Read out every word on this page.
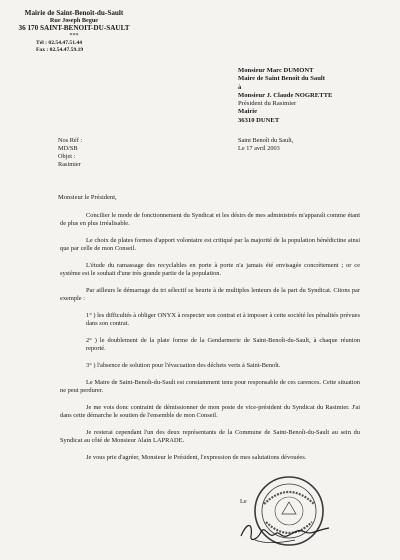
Mairie de Saint-Benoît-du-Sault
Rue Joseph Begue
36 170 SAINT-BENOIT-DU-SAULT
***
Tél : 02.54.47.51.44
Fax : 02.54.47.59.19
Monsieur Marc DUMONT
Maire de Saint Benoît du Sault
à
Monsieur J. Claude NOGRETTE
Président du Rasimier
Mairie
36310 DUNET
Nos Réf :
MD/SB
Objet :
Rasimier
Saint Benoît du Sault,
Le 17 avril 2003
Monsieur le Président,

Concilier le mode de fonctionnement du Syndicat et les désirs de mes administrés m'apparaît comme étant de plus en plus irréalisable.

Le choix de plates formes d'apport volontaire est critiqué par la majorité de la population bénédictine ainsi que par celle de mon Conseil.

L'étude du ramassage des recyclables en porte à porte n'a jamais été envisagée concrètement ; or ce système est le souhait d'une très grande partie de la population.

Par ailleurs le démarrage du tri sélectif se heurte à de multiples lenteurs de la part du Syndicat. Citons par exemple :

1° ) les difficultés à obliger ONYX à respecter son contrat et à imposer à cette société les pénalités prévues dans son contrat.

2° ) le doublement de la plate forme de la Gendarmerie de Saint-Benoît-du-Sault, à chaque réunion reporté.

3° ) l'absence de solution pour l'évacuation des déchets verts à Saint-Benoît.

Le Maire de Saint-Benoît-du-Sault est constamment tenu pour responsable de ces carences. Cette situation ne peut perdurer.

Je me vois donc contraint de démissionner de mon poste de vice-président du Syndicat du Rasimier. J'ai dans cette démarche le soutien de l'ensemble de mon Conseil.

Je resterai cependant l'un des deux représentants de la Commune de Saint-Benoît-du-Sault au sein du Syndicat au côté de Monsieur Alain LAPRADE.

Je vous prie d'agréer, Monsieur le Président, l'expression de mes salutations dévouées.

Le
